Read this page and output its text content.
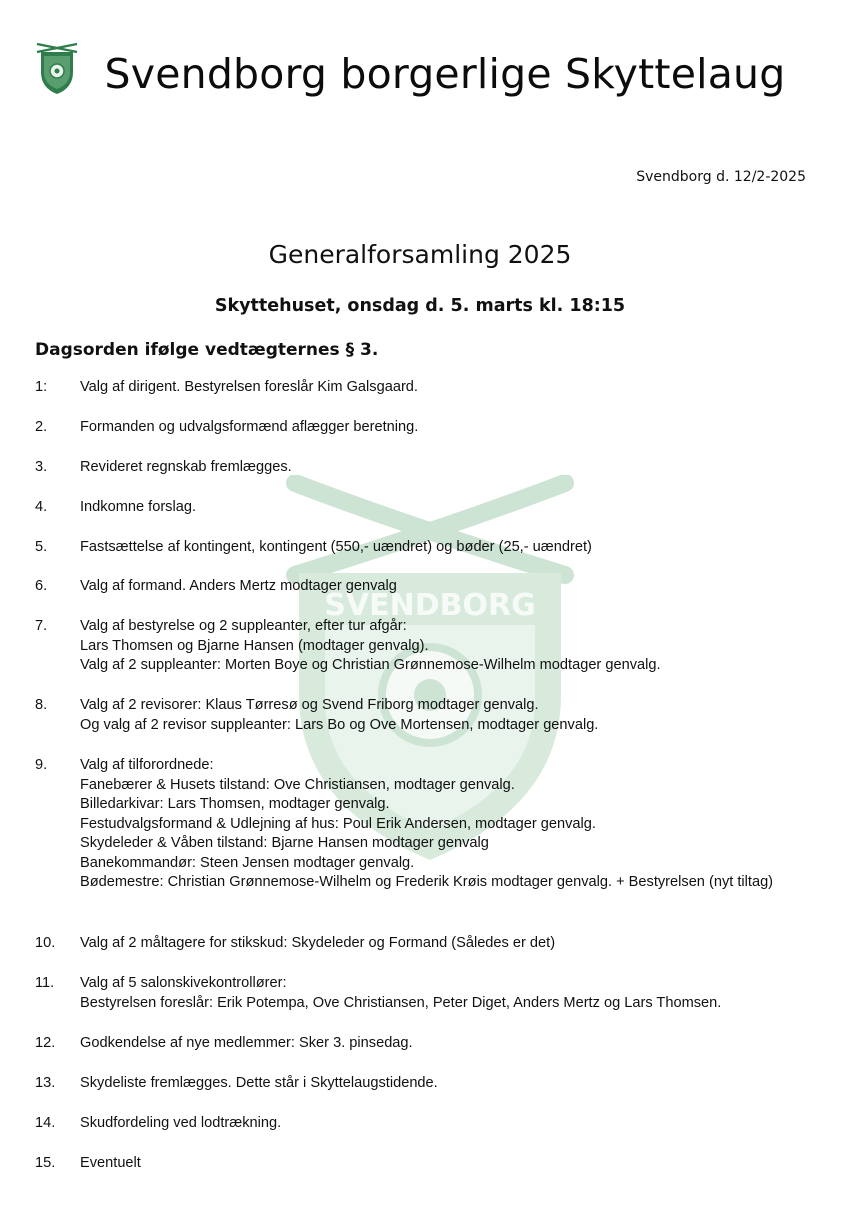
Svendborg borgerlige Skyttelaug
Svendborg d. 12/2-2025
Generalforsamling 2025
Skyttehuset, onsdag d. 5. marts kl. 18:15
Dagsorden ifølge vedtægternes § 3.
SVENDBORG
1: Valg af dirigent. Bestyrelsen foreslår Kim Galsgaard.
2. Formanden og udvalgsformænd aflægger beretning.
3. Revideret regnskab fremlægges.
4. Indkomne forslag.
5. Fastsættelse af kontingent, kontingent (550,- uændret) og bøder (25,- uændret)
6. Valg af formand. Anders Mertz modtager genvalg
7. Valg af bestyrelse og 2 suppleanter, efter tur afgår:
Lars Thomsen og Bjarne Hansen (modtager genvalg).
Valg af 2 suppleanter: Morten Boye og Christian Grønnemose-Wilhelm modtager genvalg.
8. Valg af 2 revisorer: Klaus Tørresø og Svend Friborg modtager genvalg.
Og valg af 2 revisor suppleanter: Lars Bo og Ove Mortensen, modtager genvalg.
9. Valg af tilforordnede:
Fanebærer & Husets tilstand: Ove Christiansen, modtager genvalg.
Billedarkivar: Lars Thomsen, modtager genvalg.
Festudvalgsformand & Udlejning af hus: Poul Erik Andersen, modtager genvalg.
Skydeleder & Våben tilstand: Bjarne Hansen modtager genvalg
Banekommandør: Steen Jensen modtager genvalg.
Bødemestre: Christian Grønnemose-Wilhelm og Frederik Krøis modtager genvalg. + Bestyrelsen (nyt tiltag)
10. Valg af 2 måltagere for stikskud: Skydeleder og Formand (Således er det)
11. Valg af 5 salonskivekontrollører:
Bestyrelsen foreslår: Erik Potempa, Ove Christiansen, Peter Diget, Anders Mertz og Lars Thomsen.
12. Godkendelse af nye medlemmer: Sker 3. pinsedag.
13. Skydeliste fremlægges. Dette står i Skyttelaugstidende.
14. Skudfordeling ved lodtrækning.
15. Eventuelt
